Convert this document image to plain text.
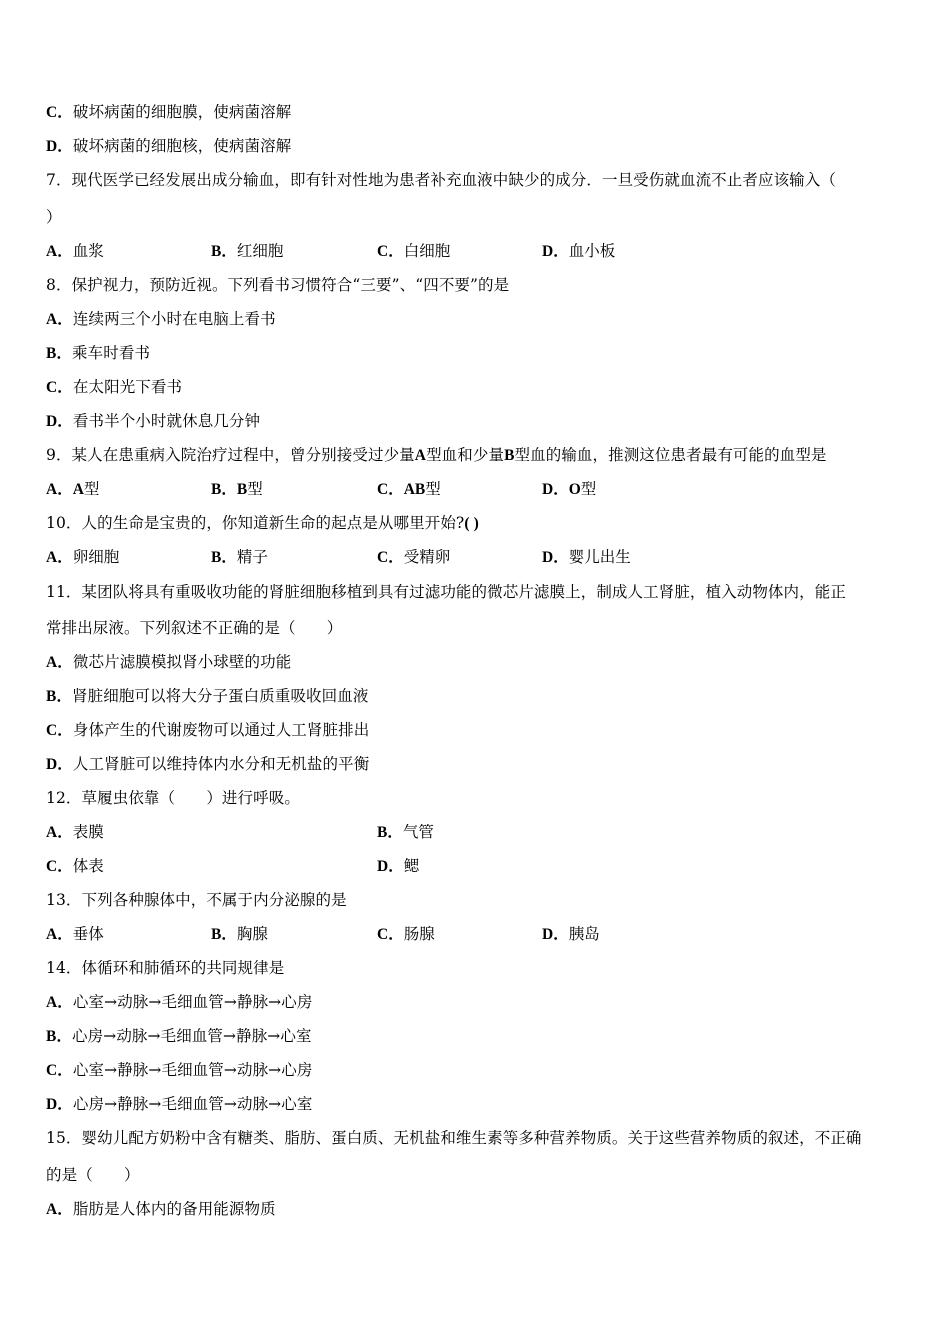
C．破坏病菌的细胞膜，使病菌溶解
D．破坏病菌的细胞核，使病菌溶解
7．现代医学已经发展出成分输血，即有针对性地为患者补充血液中缺少的成分．一旦受伤就血流不止者应该输入（
）
A．血浆	B．红细胞	C．白细胞	D．血小板
8．保护视力，预防近视。下列看书习惯符合“三要”、“四不要”的是
A．连续两三个小时在电脑上看书
B．乘车时看书
C．在太阳光下看书
D．看书半个小时就休息几分钟
9．某人在患重病入院治疗过程中，曾分别接受过少量A型血和少量B型血的输血，推测这位患者最有可能的血型是
A．A型	B．B型	C．AB型	D．O型
10．人的生命是宝贵的，你知道新生命的起点是从哪里开始?( )
A．卵细胞	B．精子	C．受精卵	D．婴儿出生
11．某团队将具有重吸收功能的肾脏细胞移植到具有过滤功能的微芯片滤膜上，制成人工肾脏，植入动物体内，能正
常排出尿液。下列叙述不正确的是（　　）
A．微芯片滤膜模拟肾小球壁的功能
B．肾脏细胞可以将大分子蛋白质重吸收回血液
C．身体产生的代谢废物可以通过人工肾脏排出
D．人工肾脏可以维持体内水分和无机盐的平衡
12．草履虫依靠（　　）进行呼吸。
A．表膜	B．气管
C．体表	D．鳃
13．下列各种腺体中，不属于内分泌腺的是
A．垂体	B．胸腺	C．肠腺	D．胰岛
14．体循环和肺循环的共同规律是
A．心室→动脉→毛细血管→静脉→心房
B．心房→动脉→毛细血管→静脉→心室
C．心室→静脉→毛细血管→动脉→心房
D．心房→静脉→毛细血管→动脉→心室
15．婴幼儿配方奶粉中含有糖类、脂肪、蛋白质、无机盐和维生素等多种营养物质。关于这些营养物质的叙述，不正确
的是（　　）
A．脂肪是人体内的备用能源物质
